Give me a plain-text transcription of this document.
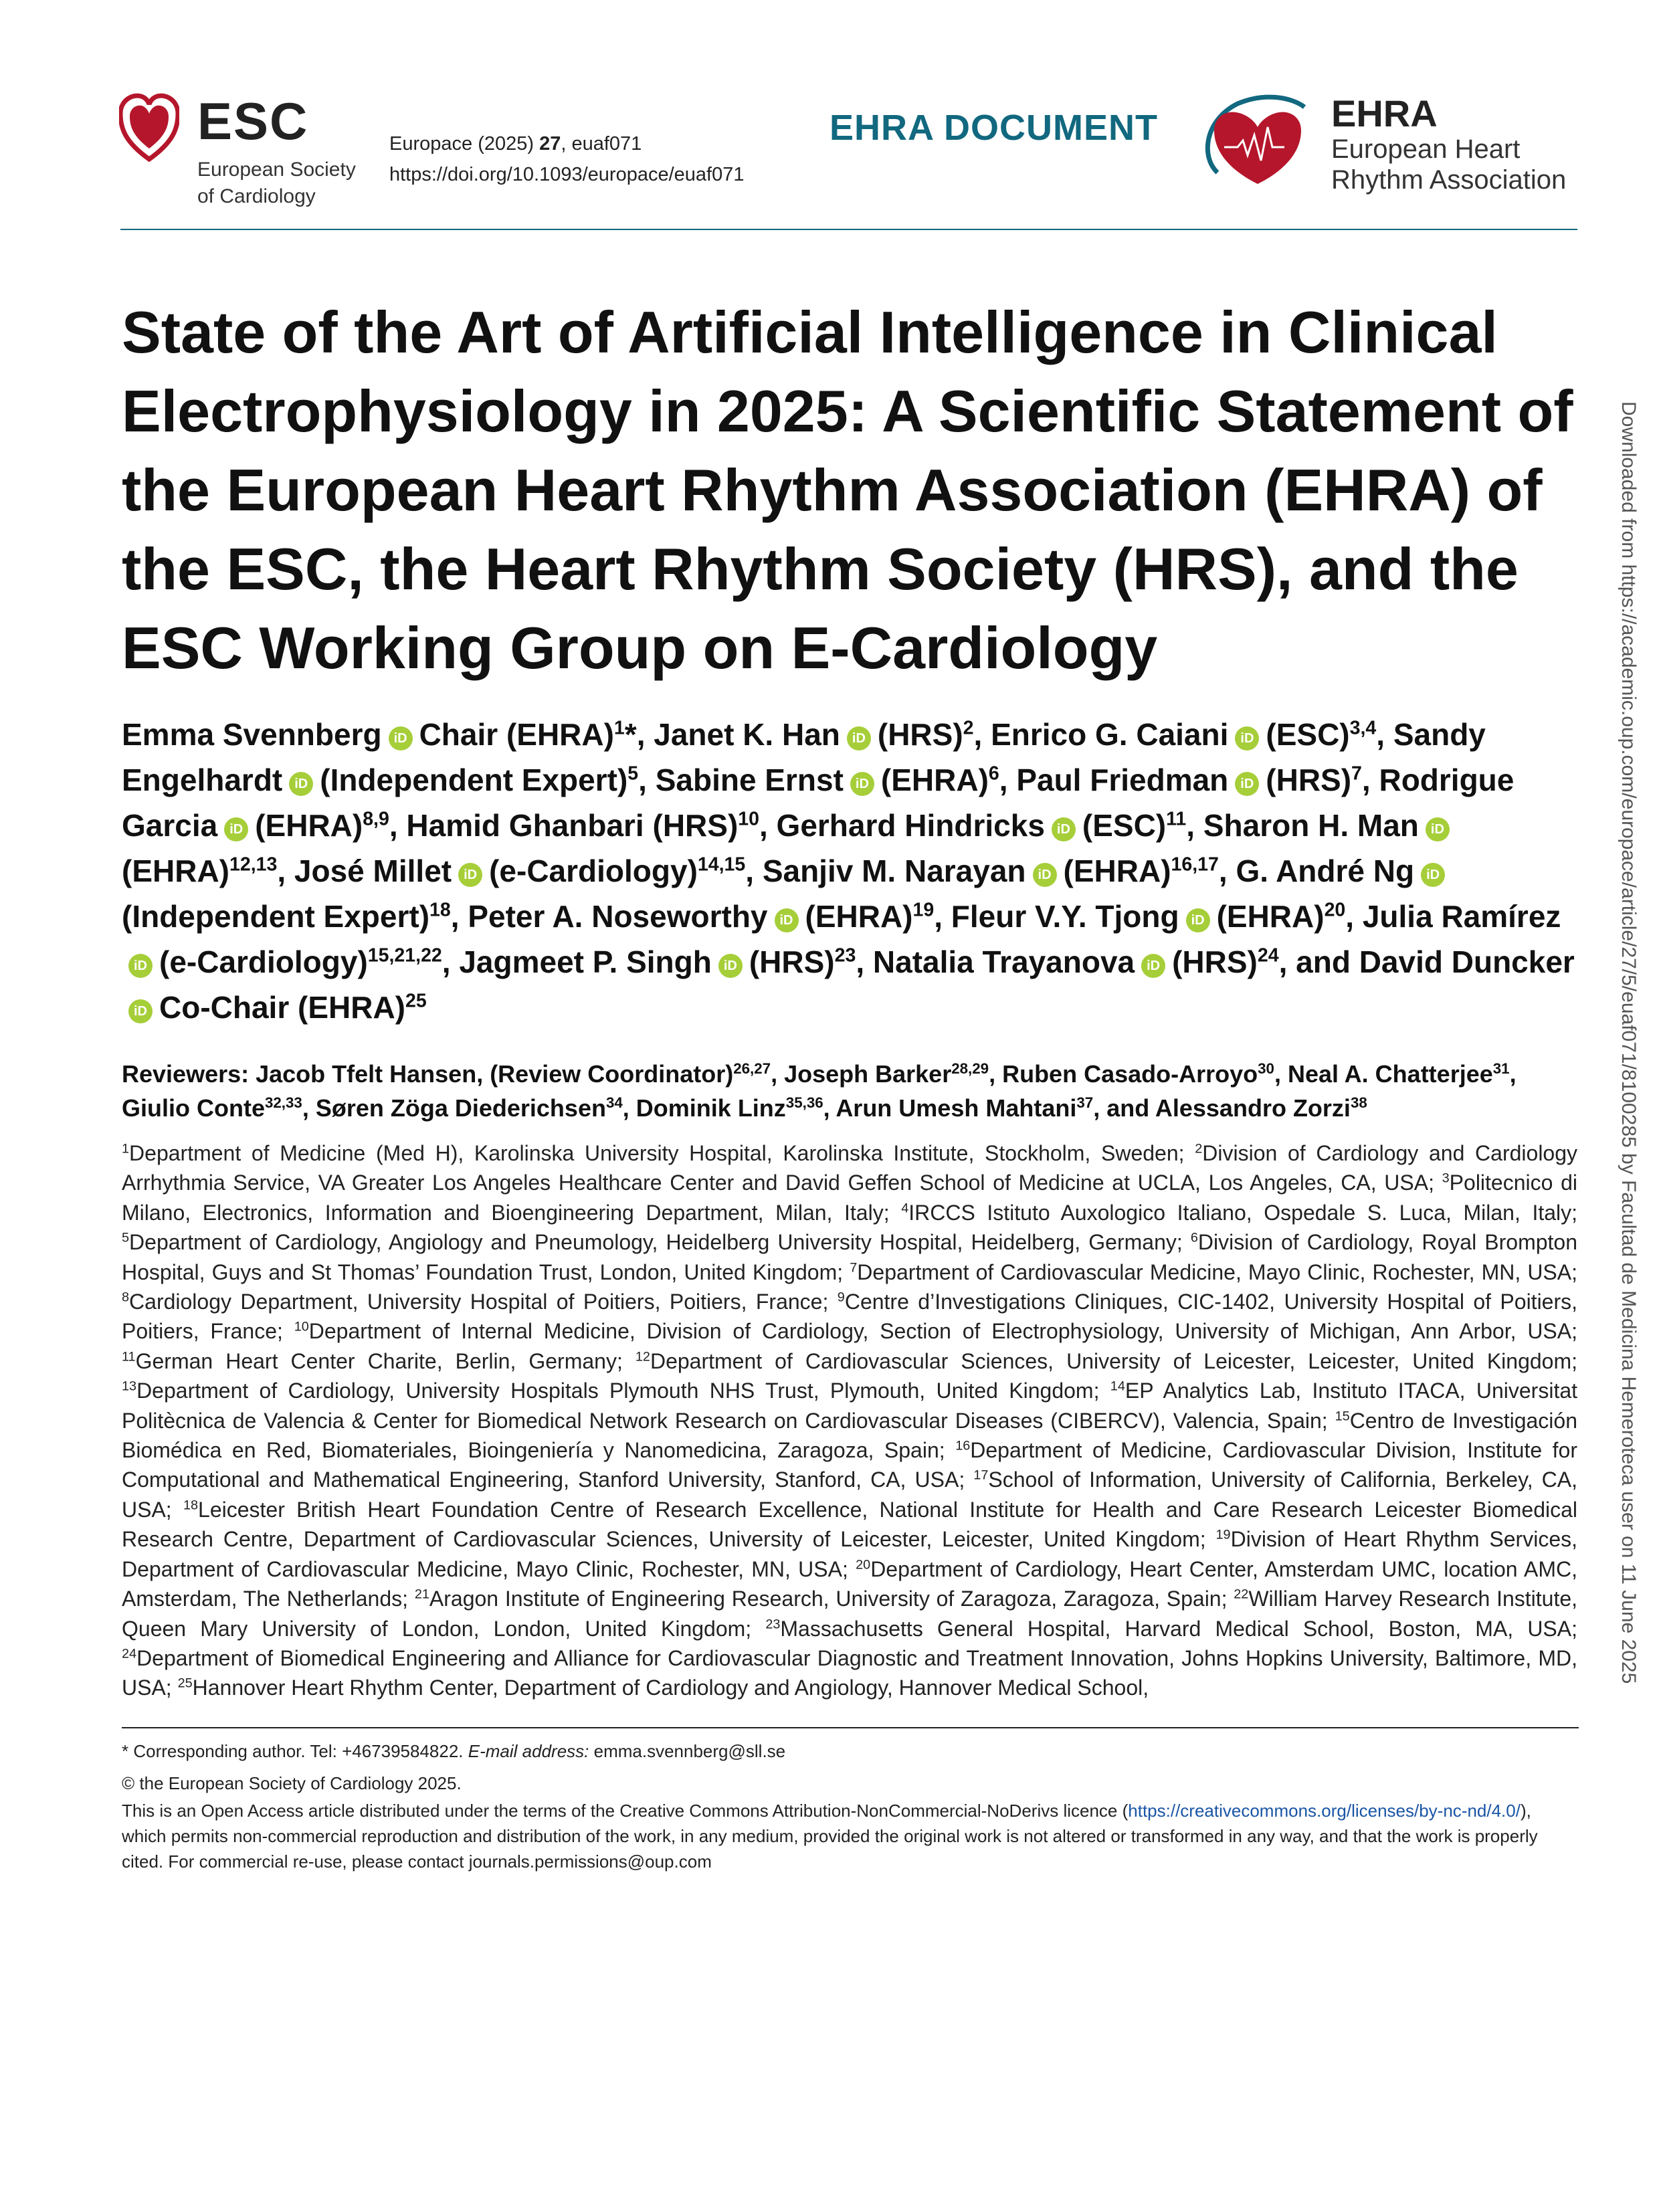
ESC
European Society
of Cardiology
Europace (2025) 27, euaf071
https://doi.org/10.1093/europace/euaf071
EHRA DOCUMENT	EHRA
European Heart
Rhythm Association
State of the Art of Artificial Intelligence in Clinical Electrophysiology in 2025: A Scientific Statement of the European Heart Rhythm Association (EHRA) of the ESC, the Heart Rhythm Society (HRS), and the ESC Working Group on E-Cardiology
Emma Svennberg iD Chair (EHRA)$^1$*, Janet K. Han iD (HRS)$^2$, Enrico G. Caiani iD (ESC)$^{3,4}$, Sandy Engelhardt iD (Independent Expert)$^5$, Sabine Ernst iD (EHRA)$^6$, Paul Friedman iD (HRS)$^7$, Rodrigue Garcia iD (EHRA)$^{8,9}$, Hamid Ghanbari (HRS)$^{10}$, Gerhard Hindricks iD (ESC)$^{11}$, Sharon H. Man iD(EHRA)$^{12,13}$, José Millet iD (e-Cardiology)$^{14,15}$, Sanjiv M. Narayan iD (EHRA)$^{16,17}$, G. André Ng iD(Independent Expert)$^{18}$, Peter A. Noseworthy iD (EHRA)$^{19}$, Fleur V.Y. Tjong iD (EHRA)$^{20}$, Julia RamíreziD (e-Cardiology)$^{15,21,22}$, Jagmeet P. Singh iD (HRS)$^{23}$, Natalia Trayanova iD (HRS)$^{24}$, and David DunckeriD Co-Chair (EHRA)$^{25}$
Reviewers: Jacob Tfelt Hansen, (Review Coordinator)$^{26,27}$, Joseph Barker$^{28,29}$, Ruben Casado-Arroyo$^{30}$, Neal A. Chatterjee$^{31}$, Giulio Conte$^{32,33}$, Søren Zöga Diederichsen$^{34}$, Dominik Linz$^{35,36}$, Arun Umesh Mahtani$^{37}$, and Alessandro Zorzi$^{38}$
$^1$Department of Medicine (Med H), Karolinska University Hospital, Karolinska Institute, Stockholm, Sweden; $^2$Division of Cardiology and Cardiology Arrhythmia Service, VA Greater Los Angeles Healthcare Center and David Geffen School of Medicine at UCLA, Los Angeles, CA, USA; $^3$Politecnico di Milano, Electronics, Information and Bioengineering Department, Milan, Italy; $^4$IRCCS Istituto Auxologico Italiano, Ospedale S. Luca, Milan, Italy; $^5$Department of Cardiology, Angiology and Pneumology, Heidelberg University Hospital, Heidelberg, Germany; $^6$Division of Cardiology, Royal Brompton Hospital, Guys and St Thomas’ Foundation Trust, London, United Kingdom; $^7$Department of Cardiovascular Medicine, Mayo Clinic, Rochester, MN, USA; $^8$Cardiology Department, University Hospital of Poitiers, Poitiers, France; $^9$Centre d’Investigations Cliniques, CIC-1402, University Hospital of Poitiers, Poitiers, France; $^{10}$Department of Internal Medicine, Division of Cardiology, Section of Electrophysiology, University of Michigan, Ann Arbor, USA; $^{11}$German Heart Center Charite, Berlin, Germany; $^{12}$Department of Cardiovascular Sciences, University of Leicester, Leicester, United Kingdom; $^{13}$Department of Cardiology, University Hospitals Plymouth NHS Trust, Plymouth, United Kingdom; $^{14}$EP Analytics Lab, Instituto ITACA, Universitat Politècnica de Valencia & Center for Biomedical Network Research on Cardiovascular Diseases (CIBERCV), Valencia, Spain; $^{15}$Centro de Investigación Biomédica en Red, Biomateriales, Bioingeniería y Nanomedicina, Zaragoza, Spain; $^{16}$Department of Medicine, Cardiovascular Division, Institute for Computational and Mathematical Engineering, Stanford University, Stanford, CA, USA; $^{17}$School of Information, University of California, Berkeley, CA, USA; $^{18}$Leicester British Heart Foundation Centre of Research Excellence, National Institute for Health and Care Research Leicester Biomedical Research Centre, Department of Cardiovascular Sciences, University of Leicester, Leicester, United Kingdom; $^{19}$Division of Heart Rhythm Services, Department of Cardiovascular Medicine, Mayo Clinic, Rochester, MN, USA; $^{20}$Department of Cardiology, Heart Center, Amsterdam UMC, location AMC, Amsterdam, The Netherlands; $^{21}$Aragon Institute of Engineering Research, University of Zaragoza, Zaragoza, Spain; $^{22}$William Harvey Research Institute, Queen Mary University of London, London, United Kingdom; $^{23}$Massachusetts General Hospital, Harvard Medical School, Boston, MA, USA; $^{24}$Department of Biomedical Engineering and Alliance for Cardiovascular Diagnostic and Treatment Innovation, Johns Hopkins University, Baltimore, MD, USA; $^{25}$Hannover Heart Rhythm Center, Department of Cardiology and Angiology, Hannover Medical School,
* Corresponding author. Tel: +46739584822. E-mail address: emma.svennberg@sll.se
© the European Society of Cardiology 2025.
This is an Open Access article distributed under the terms of the Creative Commons Attribution-NonCommercial-NoDerivs licence (https://creativecommons.org/licenses/by-nc-nd/4.0/), which permits non-commercial reproduction and distribution of the work, in any medium, provided the original work is not altered or transformed in any way, and that the work is properly cited. For commercial re-use, please contact journals.permissions@oup.com
Downloaded from https://academic.oup.com/europace/article/27/5/euaf071/8100285 by Facultad de Medicina Hemeroteca user on 11 June 2025
